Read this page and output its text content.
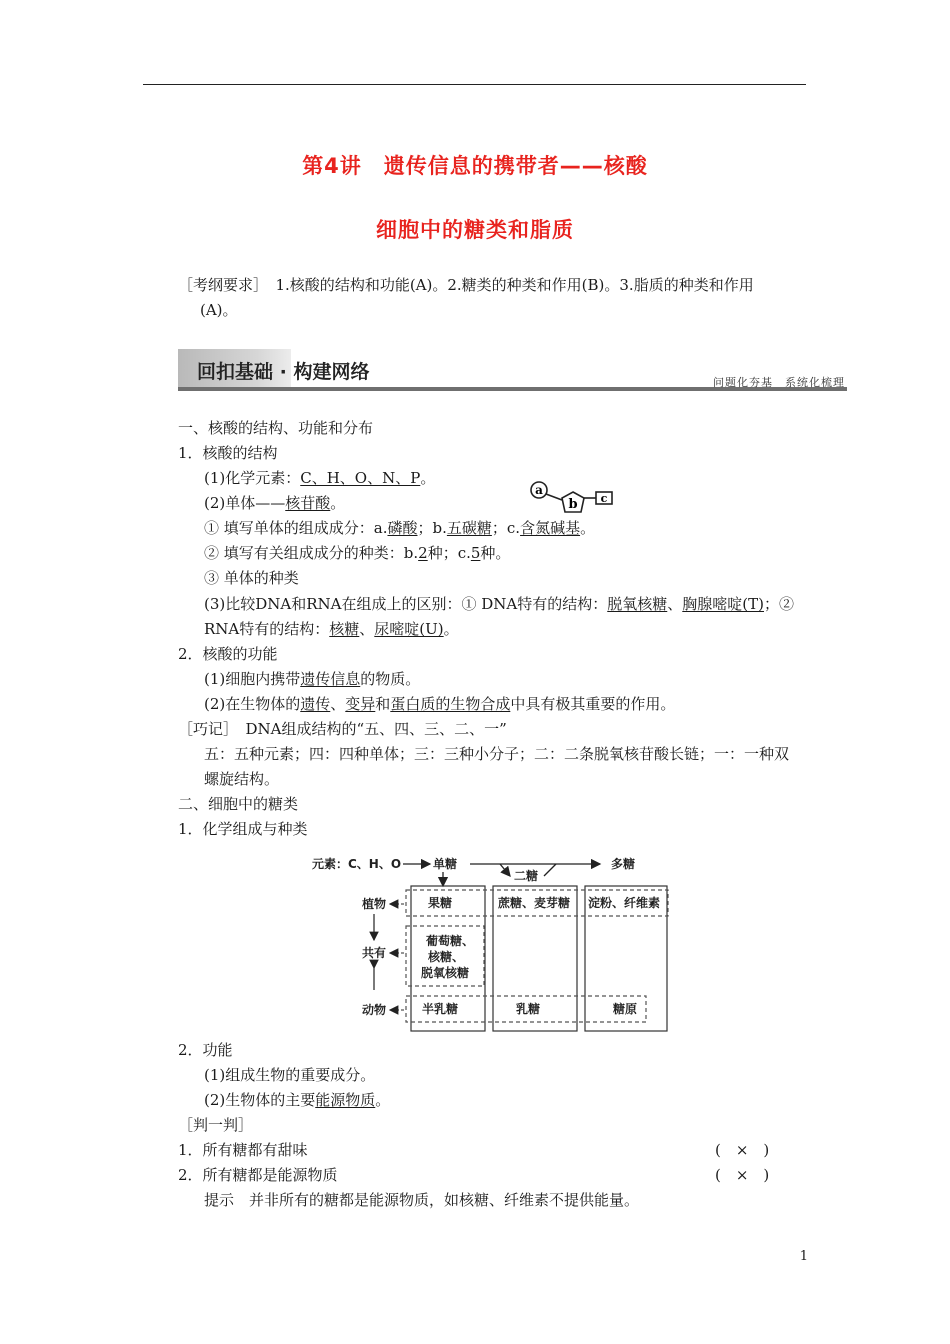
第4讲　遗传信息的携带者——核酸
细胞中的糖类和脂质
［考纲要求］　1.核酸的结构和功能(A)。2.糖类的种类和作用(B)。3.脂质的种类和作用
(A)。
回扣基础 · 构建网络	问题化夯基　系统化梳理
一、核酸的结构、功能和分布
1．核酸的结构
(1)化学元素：C、H、O、N、P。
(2)单体——核苷酸。
a
b c
① 填写单体的组成成分：a.磷酸；b.五碳糖；c.含氮碱基。
② 填写有关组成成分的种类：b.2种；c.5种。
③ 单体的种类
(3)比较DNA和RNA在组成上的区别：① DNA特有的结构：脱氧核糖、胸腺嘧啶(T)；②
RNA特有的结构：核糖、尿嘧啶(U)。
2．核酸的功能
(1)细胞内携带遗传信息的物质。
(2)在生物体的遗传、变异和蛋白质的生物合成中具有极其重要的作用。
［巧记］　DNA组成结构的“五、四、三、二、一”
五：五种元素；四：四种单体；三：三种小分子；二：二条脱氧核苷酸长链；一：一种双
螺旋结构。
二、细胞中的糖类
1．化学组成与种类
元素：C、H、O	单糖
二糖
多糖
植物	果糖	蔗糖、麦芽糖 淀粉、纤维素
共有
葡萄糖、
核糖、
脱氧核糖
动物	半乳糖	乳糖	糖原
2．功能
(1)组成生物的重要成分。
(2)生物体的主要能源物质。
［判一判］
1．所有糖都有甜味	(　×　)
2．所有糖都是能源物质	(　×　)
提示　并非所有的糖都是能源物质，如核糖、纤维素不提供能量。
1
